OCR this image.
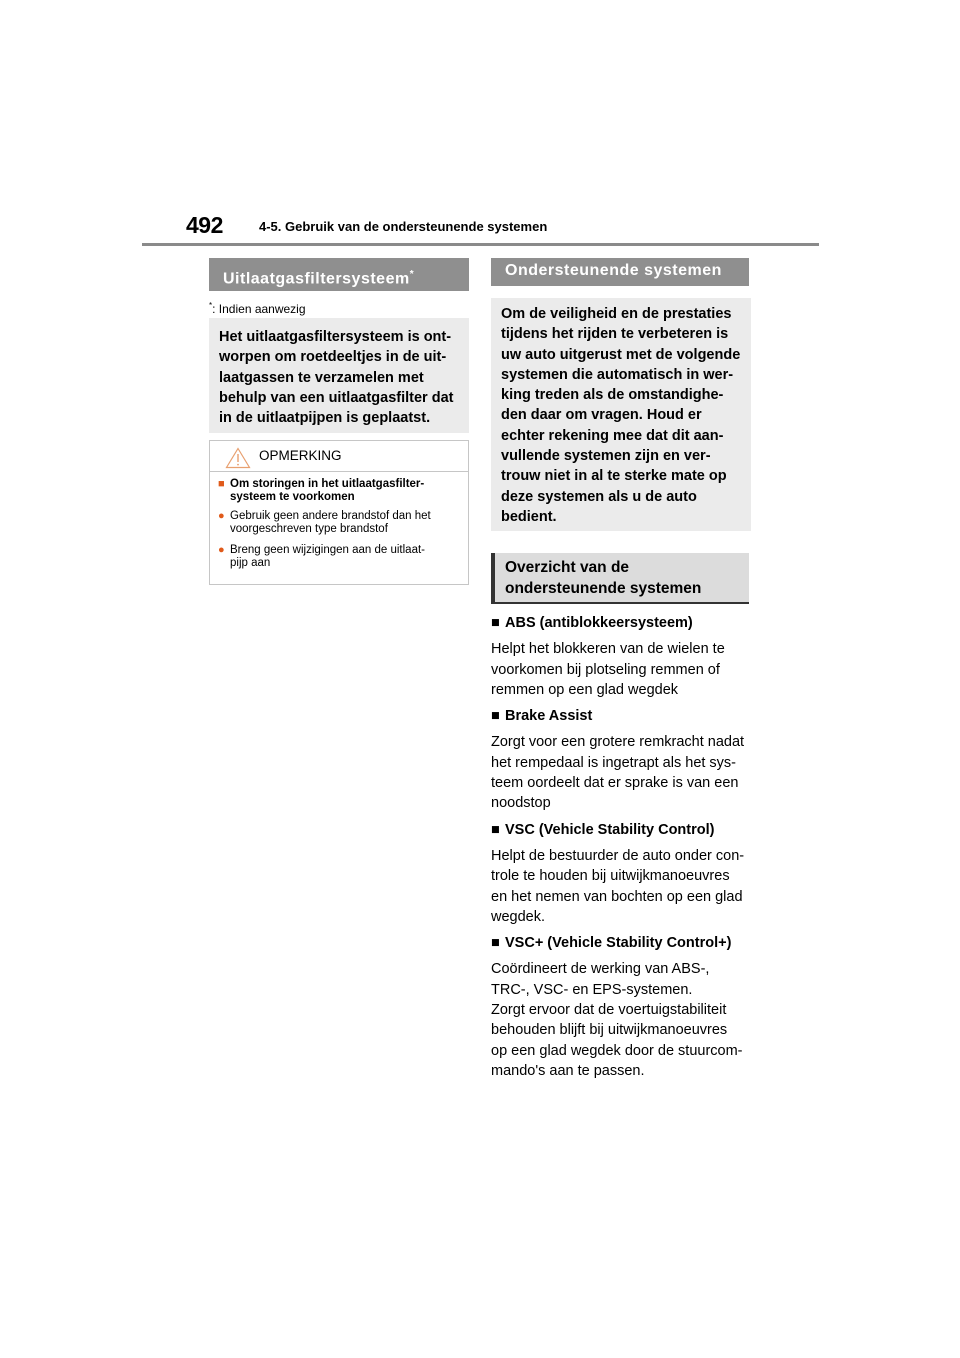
492	4-5. Gebruik van de ondersteunende systemen
Uitlaatgasfiltersysteem*
*: Indien aanwezig
Het uitlaatgasfiltersysteem is ont-
worpen om roetdeeltjes in de uit-
laatgassen te verzamelen met
behulp van een uitlaatgasfilter dat
in de uitlaatpijpen is geplaatst.
OPMERKING
■ Om storingen in het uitlaatgasfilter-
systeem te voorkomen
● Gebruik geen andere brandstof dan het
voorgeschreven type brandstof
● Breng geen wijzigingen aan de uitlaat-
pijp aan
Ondersteunende systemen
Om de veiligheid en de prestaties
tijdens het rijden te verbeteren is
uw auto uitgerust met de volgende
systemen die automatisch in wer-
king treden als de omstandighe-
den daar om vragen. Houd er
echter rekening mee dat dit aan-
vullende systemen zijn en ver-
trouw niet in al te sterke mate op
deze systemen als u de auto
bedient.
Overzicht van de
ondersteunende systemen

■ ABS (antiblokkeersysteem)

Helpt het blokkeren van de wielen te
voorkomen bij plotseling remmen of
remmen op een glad wegdek

■ Brake Assist

Zorgt voor een grotere remkracht nadat
het rempedaal is ingetrapt als het sys-
teem oordeelt dat er sprake is van een
noodstop

■ VSC (Vehicle Stability Control)

Helpt de bestuurder de auto onder con-
trole te houden bij uitwijkmanoeuvres
en het nemen van bochten op een glad
wegdek.

■ VSC+ (Vehicle Stability Control+)

Coördineert de werking van ABS-,
TRC-, VSC- en EPS-systemen.
Zorgt ervoor dat de voertuigstabiliteit
behouden blijft bij uitwijkmanoeuvres
op een glad wegdek door de stuurcom-
mando's aan te passen.
